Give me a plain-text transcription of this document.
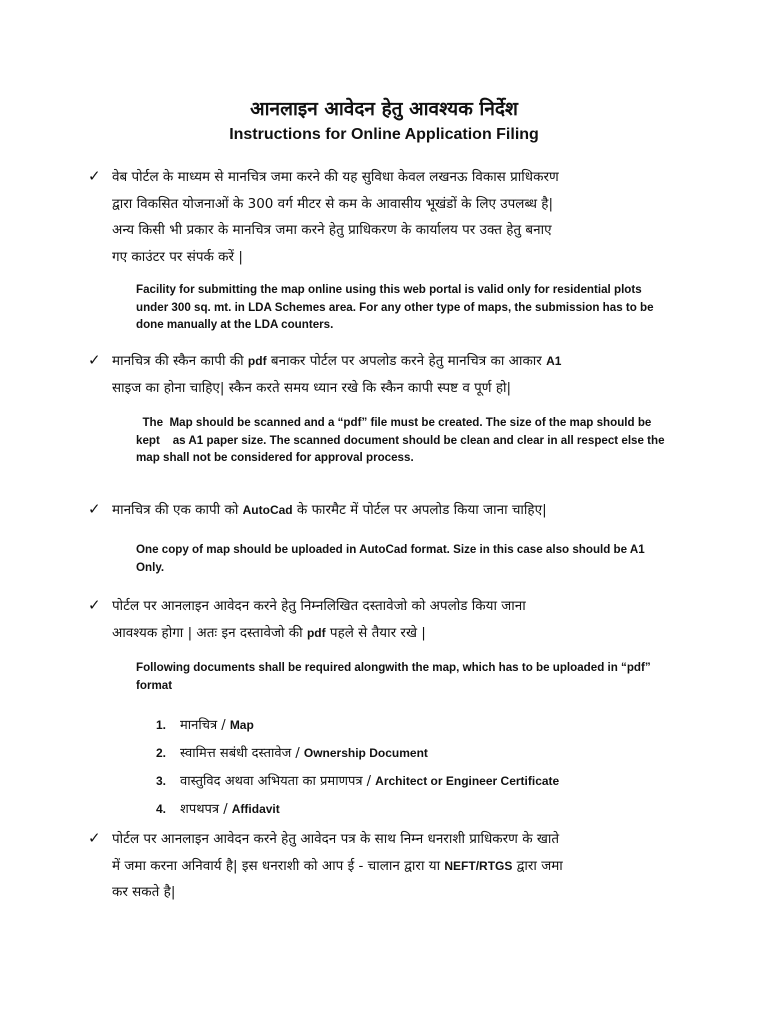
आनलाइन आवेदन हेतु आवश्यक निर्देश
Instructions for Online Application Filing
✓ वेब पोर्टल के माध्यम से मानचित्र जमा करने की यह सुविधा केवल लखनऊ विकास प्राधिकरण
द्वारा विकसित योजनाओं के 300 वर्ग मीटर से कम के आवासीय भूखंडों के लिए उपलब्ध है|
अन्य किसी भी प्रकार के मानचित्र जमा करने हेतु प्राधिकरण के कार्यालय पर उक्त हेतु बनाए
गए काउंटर पर संपर्क करें |
Facility for submitting the map online using this web portal is valid only for residential plots
under 300 sq. mt. in LDA Schemes area. For any other type of maps, the submission has to be
done manually at the LDA counters.
✓ मानचित्र की स्कैन कापी की pdf बनाकर पोर्टल पर अपलोड करने हेतु मानचित्र का आकार A1
साइज का होना चाहिए| स्कैन करते समय ध्यान रखे कि स्कैन कापी स्पष्ट व पूर्ण हो|
The  Map should be scanned and a “pdf” file must be created. The size of the map should be
kept    as A1 paper size. The scanned document should be clean and clear in all respect else the
map shall not be considered for approval process.
✓ मानचित्र की एक कापी को AutoCad के फारमैट में पोर्टल पर अपलोड किया जाना चाहिए|
One copy of map should be uploaded in AutoCad format. Size in this case also should be A1
Only.
✓ पोर्टल पर आनलाइन आवेदन करने हेतु निम्नलिखित दस्तावेजो को अपलोड किया जाना
आवश्यक होगा | अतः इन दस्तावेजो की pdf पहले से तैयार रखे |
Following documents shall be required alongwith the map, which has to be uploaded in “pdf”
format
1. मानचित्र / Map
2. स्वामित्त सबंधी दस्तावेज / Ownership Document
3. वास्तुविद अथवा अभियता का प्रमाणपत्र / Architect or Engineer Certificate
4. शपथपत्र / Affidavit
✓ पोर्टल पर आनलाइन आवेदन करने हेतु आवेदन पत्र के साथ निम्न धनराशी प्राधिकरण के खाते
में जमा करना अनिवार्य है| इस धनराशी को आप ई - चालान द्वारा या NEFT/RTGS द्वारा जमा
कर सकते है|
